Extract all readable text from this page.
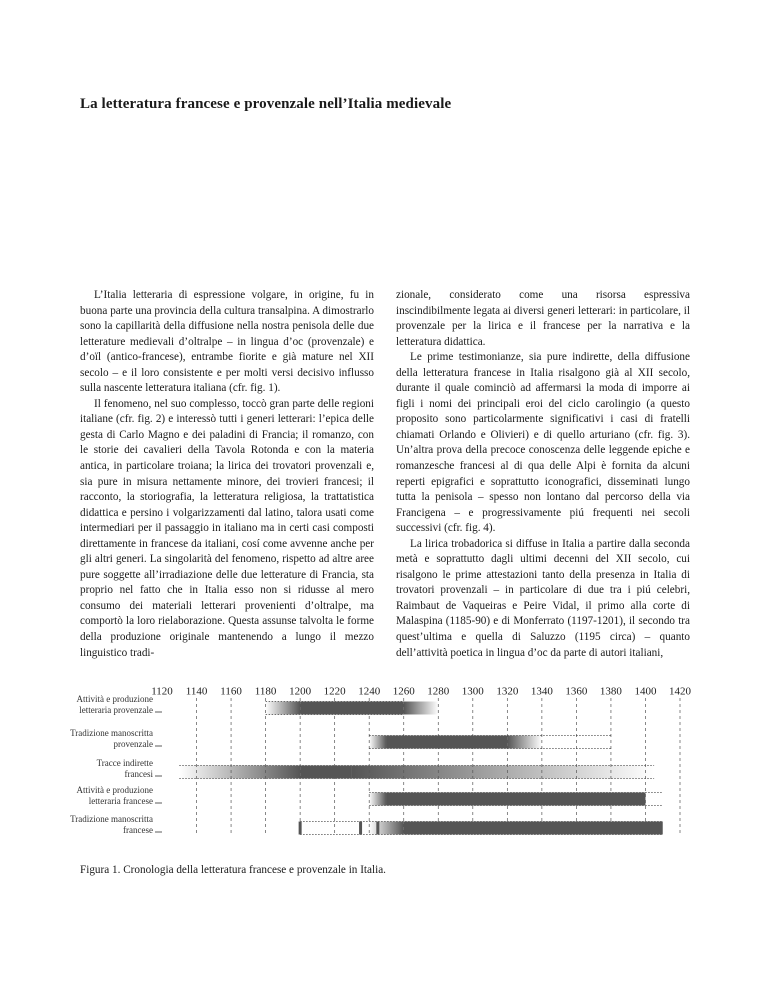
La letteratura francese e provenzale nell’Italia medievale

L’Italia letteraria di espressione volgare, in origine, fu in buona parte una provincia della cultura transalpina. A dimostrarlo sono la capillarità della diffusione nella nostra penisola delle due letterature medievali d’oltralpe – in lingua d’oc (provenzale) e d’oïl (antico-francese), entrambe fiorite e già mature nel XII secolo – e il loro consistente e per molti versi decisivo influsso sulla nascente letteratura italiana (cfr. fig. 1).

Il fenomeno, nel suo complesso, toccò gran parte delle regioni italiane (cfr. fig. 2) e interessò tutti i generi letterari: l’epica delle gesta di Carlo Magno e dei paladini di Francia; il romanzo, con le storie dei cavalieri della Tavola Rotonda e con la materia antica, in particolare troiana; la lirica dei trovatori provenzali e, sia pure in misura nettamente minore, dei trovieri francesi; il racconto, la storiografia, la letteratura religiosa, la trattatistica didattica e persino i volgarizzamenti dal latino, talora usati come intermediari per il passaggio in italiano ma in certi casi composti direttamente in francese da italiani, cosí come avvenne anche per gli altri generi. La singolarità del fenomeno, rispetto ad altre aree pure soggette all’irradiazione delle due letterature di Francia, sta proprio nel fatto che in Italia esso non si ridusse al mero consumo dei materiali letterari provenienti d’oltralpe, ma comportò la loro rielaborazione. Questa assunse talvolta le forme della produzione originale mantenendo a lungo il mezzo linguistico tradi-

zionale, considerato come una risorsa espressiva inscindibilmente legata ai diversi generi letterari: in particolare, il provenzale per la lirica e il francese per la narrativa e la letteratura didattica.

Le prime testimonianze, sia pure indirette, della diffusione della letteratura francese in Italia risalgono già al XII secolo, durante il quale cominciò ad affermarsi la moda di imporre ai figli i nomi dei principali eroi del ciclo carolingio (a questo proposito sono particolarmente significativi i casi di fratelli chiamati Orlando e Olivieri) e di quello arturiano (cfr. fig. 3). Un’altra prova della precoce conoscenza delle leggende epiche e romanzesche francesi al di qua delle Alpi è fornita da alcuni reperti epigrafici e soprattutto iconografici, disseminati lungo tutta la penisola – spesso non lontano dal percorso della via Francigena – e progressivamente piú frequenti nei secoli successivi (cfr. fig. 4).

La lirica trobadorica si diffuse in Italia a partire dalla seconda metà e soprattutto dagli ultimi decenni del XII secolo, cui risalgono le prime attestazioni tanto della presenza in Italia di trovatori provenzali – in particolare di due tra i piú celebri, Raimbaut de Vaqueiras e Peire Vidal, il primo alla corte di Malaspina (1185-90) e di Monferrato (1197-1201), il secondo tra quest’ultima e quella di Saluzzo (1195 circa) – quanto dell’attività poetica in lingua d’oc da parte di autori italiani,

1120 1140 1160 1180 1200 1220 1240 1260 1280 1300 1320 1340 1360 1380 1400 1420
Attività e produzione
letteraria provenzale
Tradizione manoscritta
provenzale
Tracce indirette
francesi
Attività e produzione
letteraria francese
Tradizione manoscritta
francese

Figura 1. Cronologia della letteratura francese e provenzale in Italia.
